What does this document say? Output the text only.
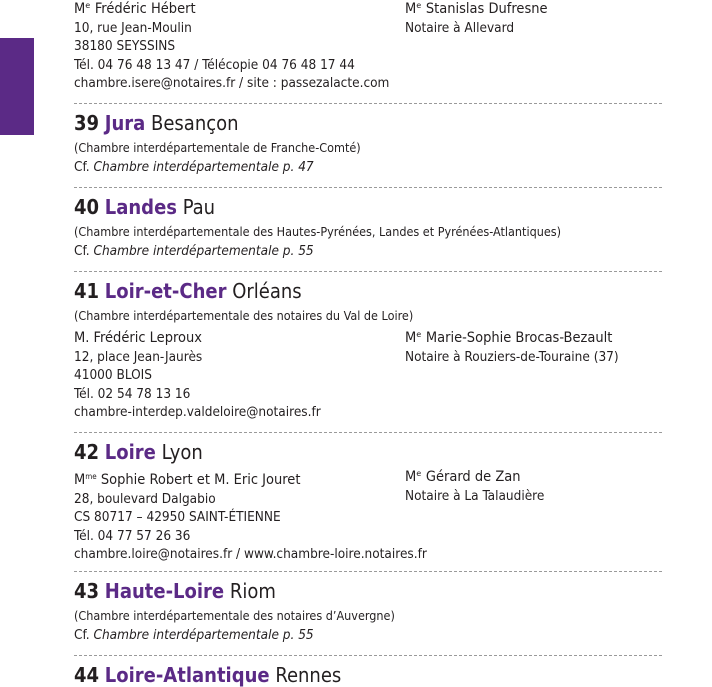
Mᵉ Frédéric Hébert
10, rue Jean-Moulin
38180 SEYSSINS
Tél. 04 76 48 13 47 / Télécopie 04 76 48 17 44
chambre.isere@notaires.fr / site : passezalacte.com
Mᵉ Stanislas Dufresne
Notaire à Allevard
39 Jura Besançon
(Chambre interdépartementale de Franche-Comté)
Cf. Chambre interdépartementale p. 47
40 Landes Pau
(Chambre interdépartementale des Hautes-Pyrénées, Landes et Pyrénées-Atlantiques)
Cf. Chambre interdépartementale p. 55
41 Loir-et-Cher Orléans
(Chambre interdépartementale des notaires du Val de Loire)
M. Frédéric Leproux
12, place Jean-Jaurès
41000 BLOIS
Tél. 02 54 78 13 16
chambre-interdep.valdeloire@notaires.fr
Mᵉ Marie-Sophie Brocas-Bezault
Notaire à Rouziers-de-Touraine (37)
42 Loire Lyon
$M^{me}$ Sophie Robert et M. Eric Jouret
28, boulevard Dalgabio
CS 80717 – 42950 SAINT-ÉTIENNE
Tél. 04 77 57 26 36
chambre.loire@notaires.fr / www.chambre-loire.notaires.fr
Mᵉ Gérard de Zan
Notaire à La Talaudière
43 Haute-Loire Riom
(Chambre interdépartementale des notaires d’Auvergne)
Cf. Chambre interdépartementale p. 55
44 Loire-Atlantique Rennes
